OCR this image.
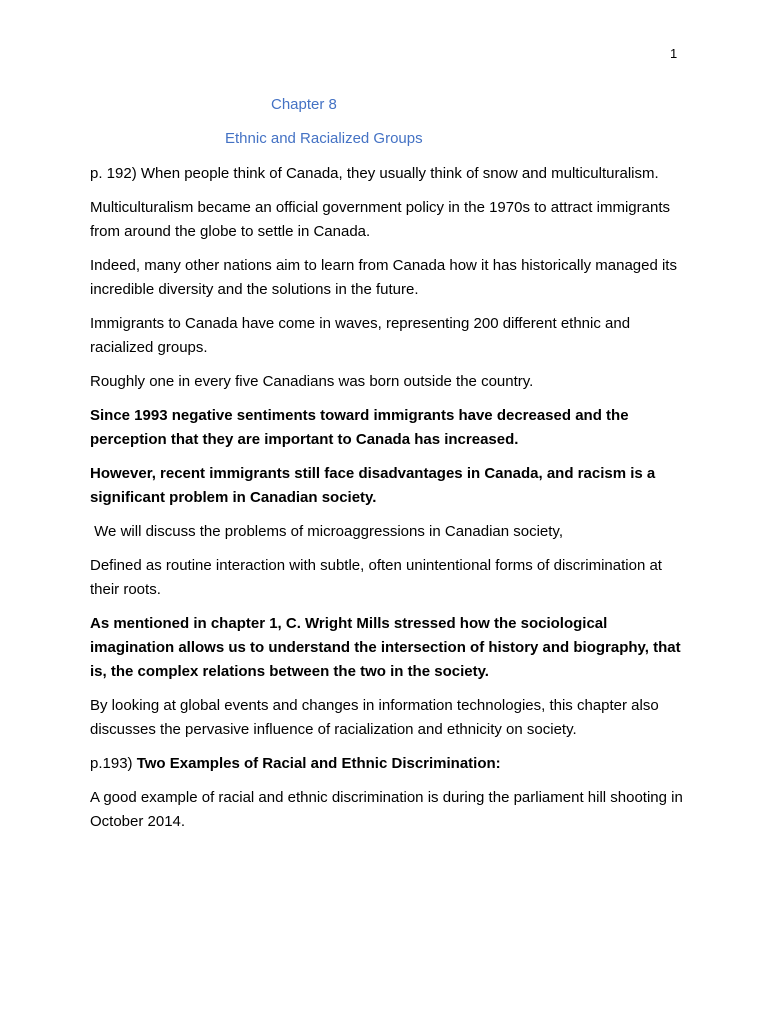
1
Chapter 8
Ethnic and Racialized Groups

p. 192) When people think of Canada, they usually think of snow and multiculturalism.

Multiculturalism became an official government policy in the 1970s to attract immigrants from around the globe to settle in Canada.

Indeed, many other nations aim to learn from Canada how it has historically managed its incredible diversity and the solutions in the future.

Immigrants to Canada have come in waves, representing 200 different ethnic and racialized groups.

Roughly one in every five Canadians was born outside the country.

Since 1993 negative sentiments toward immigrants have decreased and the perception that they are important to Canada has increased.

However, recent immigrants still face disadvantages in Canada, and racism is a significant problem in Canadian society.

We will discuss the problems of microaggressions in Canadian society,

Defined as routine interaction with subtle, often unintentional forms of discrimination at their roots.

As mentioned in chapter 1, C. Wright Mills stressed how the sociological imagination allows us to understand the intersection of history and biography, that is, the complex relations between the two in the society.

By looking at global events and changes in information technologies, this chapter also discusses the pervasive influence of racialization and ethnicity on society.

p.193) Two Examples of Racial and Ethnic Discrimination:

A good example of racial and ethnic discrimination is during the parliament hill shooting in October 2014.
